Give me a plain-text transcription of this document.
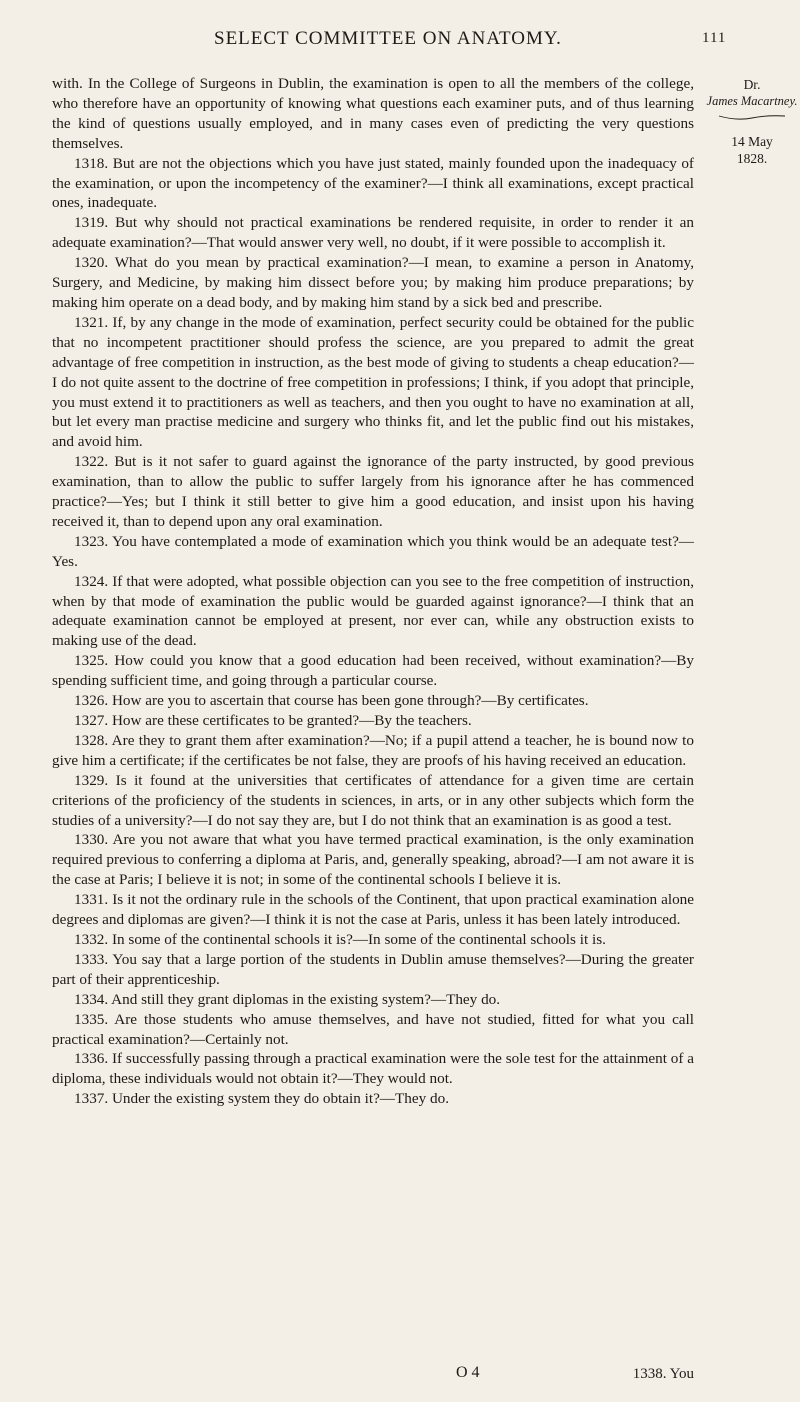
SELECT COMMITTEE ON ANATOMY.	111
Dr.
James Macartney.
14 May
1828.

with. In the College of Surgeons in Dublin, the examination is open to all the members of the college, who therefore have an opportunity of knowing what questions each examiner puts, and of thus learning the kind of questions usually employed, and in many cases even of predicting the very questions themselves.

1318. But are not the objections which you have just stated, mainly founded upon the inadequacy of the examination, or upon the incompetency of the examiner?—I think all examinations, except practical ones, inadequate.

1319. But why should not practical examinations be rendered requisite, in order to render it an adequate examination?—That would answer very well, no doubt, if it were possible to accomplish it.

1320. What do you mean by practical examination?—I mean, to examine a person in Anatomy, Surgery, and Medicine, by making him dissect before you; by making him produce preparations; by making him operate on a dead body, and by making him stand by a sick bed and prescribe.

1321. If, by any change in the mode of examination, perfect security could be obtained for the public that no incompetent practitioner should profess the science, are you prepared to admit the great advantage of free competition in instruction, as the best mode of giving to students a cheap education?—I do not quite assent to the doctrine of free competition in professions; I think, if you adopt that principle, you must extend it to practitioners as well as teachers, and then you ought to have no examination at all, but let every man practise medicine and surgery who thinks fit, and let the public find out his mistakes, and avoid him.

1322. But is it not safer to guard against the ignorance of the party instructed, by good previous examination, than to allow the public to suffer largely from his ignorance after he has commenced practice?—Yes; but I think it still better to give him a good education, and insist upon his having received it, than to depend upon any oral examination.

1323. You have contemplated a mode of examination which you think would be an adequate test?—Yes.

1324. If that were adopted, what possible objection can you see to the free competition of instruction, when by that mode of examination the public would be guarded against ignorance?—I think that an adequate examination cannot be employed at present, nor ever can, while any obstruction exists to making use of the dead.

1325. How could you know that a good education had been received, without examination?—By spending sufficient time, and going through a particular course.

1326. How are you to ascertain that course has been gone through?—By certificates.

1327. How are these certificates to be granted?—By the teachers.

1328. Are they to grant them after examination?—No; if a pupil attend a teacher, he is bound now to give him a certificate; if the certificates be not false, they are proofs of his having received an education.

1329. Is it found at the universities that certificates of attendance for a given time are certain criterions of the proficiency of the students in sciences, in arts, or in any other subjects which form the studies of a university?—I do not say they are, but I do not think that an examination is as good a test.

1330. Are you not aware that what you have termed practical examination, is the only examination required previous to conferring a diploma at Paris, and, generally speaking, abroad?—I am not aware it is the case at Paris; I believe it is not; in some of the continental schools I believe it is.

1331. Is it not the ordinary rule in the schools of the Continent, that upon practical examination alone degrees and diplomas are given?—I think it is not the case at Paris, unless it has been lately introduced.

1332. In some of the continental schools it is?—In some of the continental schools it is.

1333. You say that a large portion of the students in Dublin amuse themselves?—During the greater part of their apprenticeship.

1334. And still they grant diplomas in the existing system?—They do.

1335. Are those students who amuse themselves, and have not studied, fitted for what you call practical examination?—Certainly not.

1336. If successfully passing through a practical examination were the sole test for the attainment of a diploma, these individuals would not obtain it?—They would not.

1337. Under the existing system they do obtain it?—They do.

O 4	1338. You
